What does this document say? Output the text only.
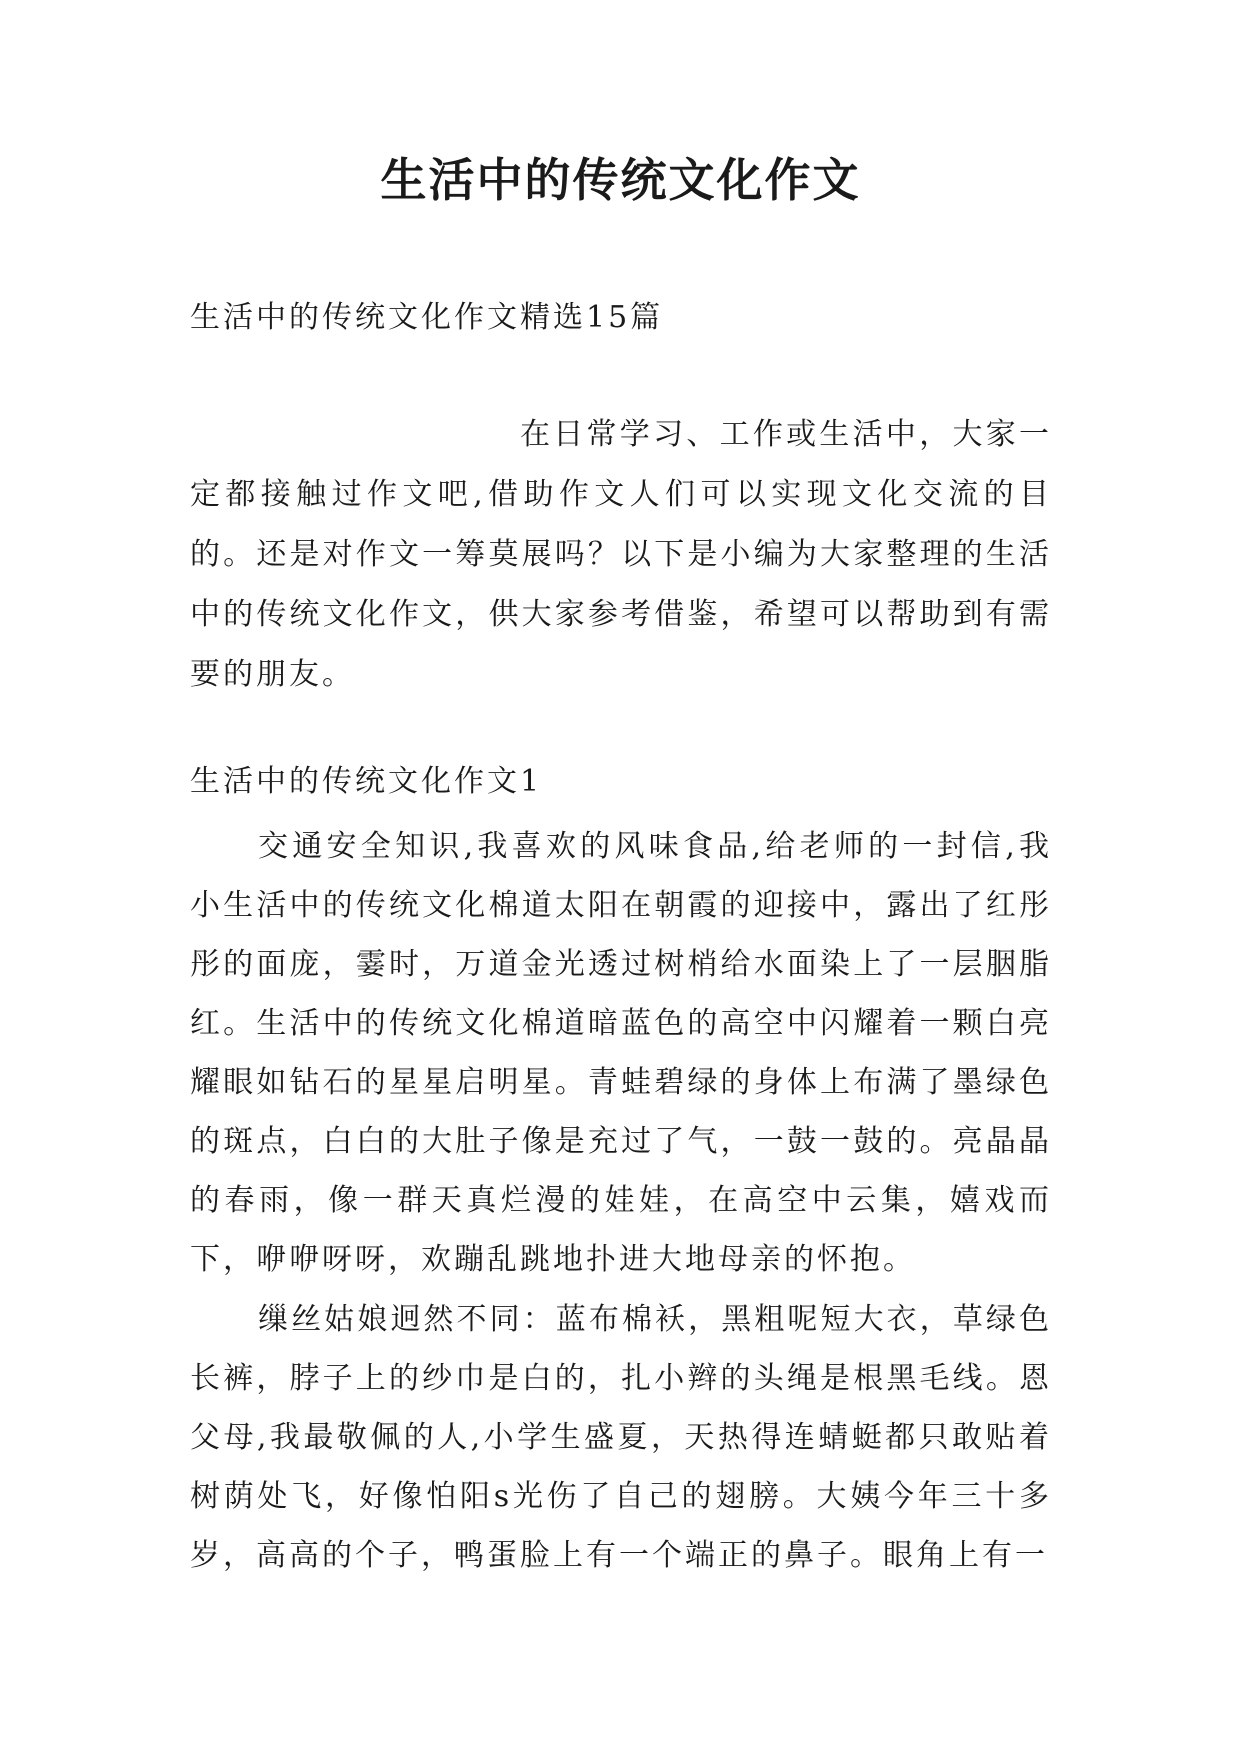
生活中的传统文化作文

生活中的传统文化作文精选15篇

在日常学习、工作或生活中，大家一定都接触过作文吧,借助作文人们可以实现文化交流的目的。还是对作文一筹莫展吗？以下是小编为大家整理的生活中的传统文化作文，供大家参考借鉴，希望可以帮助到有需要的朋友。

生活中的传统文化作文1

交通安全知识,我喜欢的风味食品,给老师的一封信,我小生活中的传统文化棉道太阳在朝霞的迎接中，露出了红彤彤的面庞，霎时，万道金光透过树梢给水面染上了一层胭脂红。生活中的传统文化棉道暗蓝色的高空中闪耀着一颗白亮耀眼如钻石的星星启明星。青蛙碧绿的身体上布满了墨绿色的斑点，白白的大肚子像是充过了气，一鼓一鼓的。亮晶晶的春雨，像一群天真烂漫的娃娃，在高空中云集，嬉戏而下，咿咿呀呀，欢蹦乱跳地扑进大地母亲的怀抱。

缫丝姑娘迥然不同：蓝布棉袄，黑粗呢短大衣，草绿色长裤，脖子上的纱巾是白的，扎小辫的头绳是根黑毛线。恩父母,我最敬佩的人,小学生盛夏，天热得连蜻蜓都只敢贴着树荫处飞，好像怕阳s光伤了自己的翅膀。大姨今年三十多岁，高高的个子，鸭蛋脸上有一个端正的鼻子。眼角上有一
